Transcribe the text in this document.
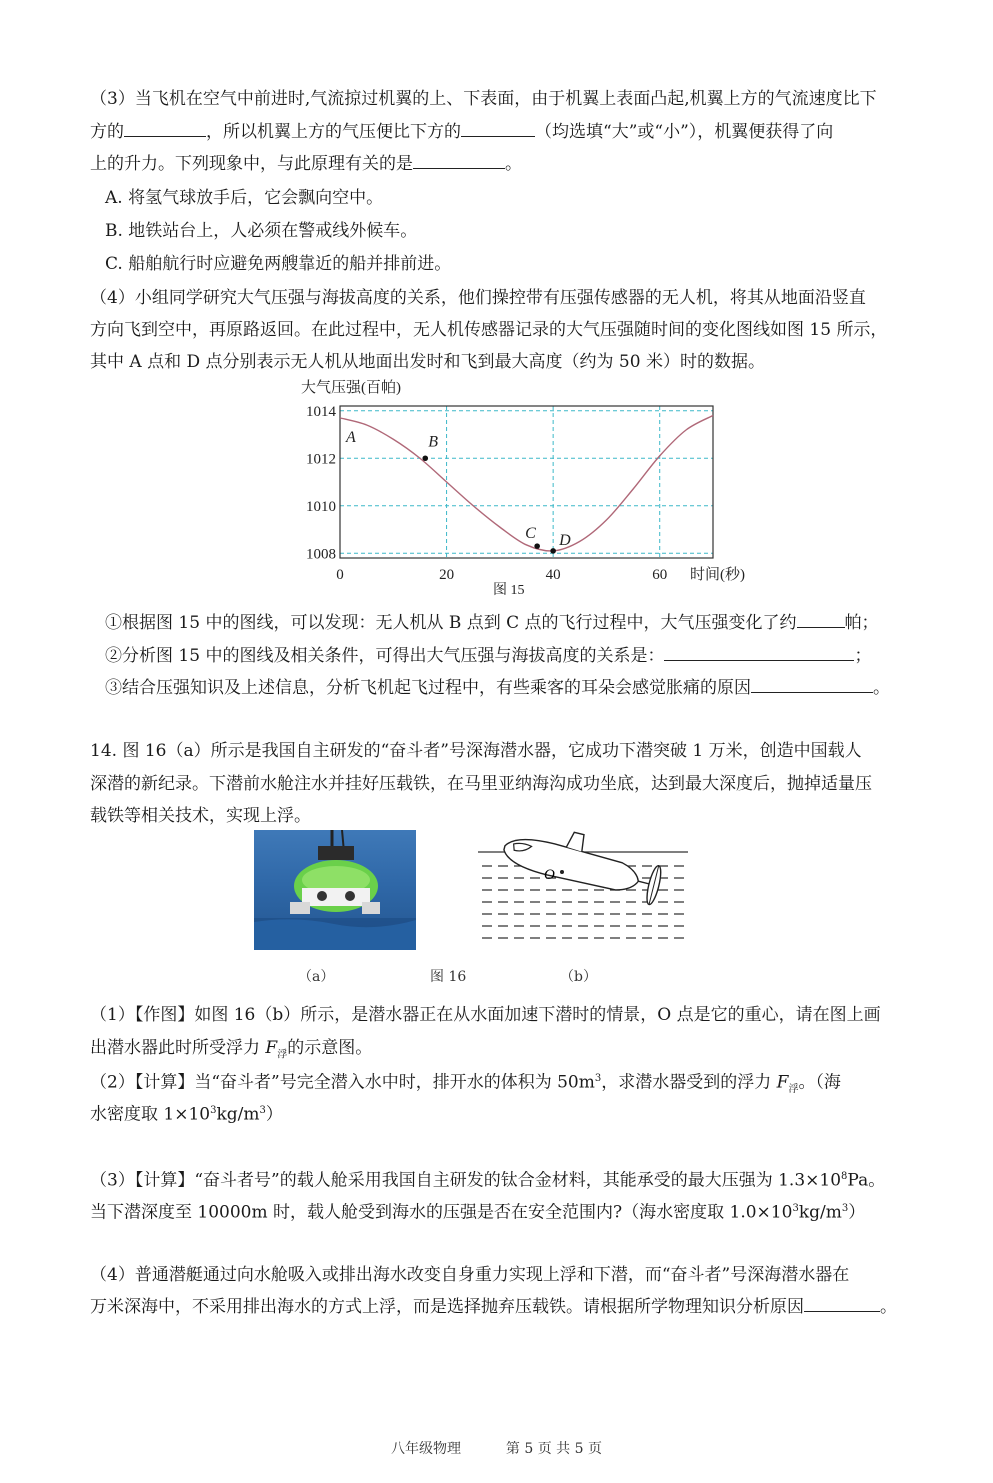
（3）当飞机在空气中前进时,气流掠过机翼的上、下表面，由于机翼上表面凸起,机翼上方的气流速度比下
方的	，所以机翼上方的气压便比下方的	（均选填“大”或“小”），机翼便获得了向
上的升力。下列现象中，与此原理有关的是	。
A. 将氢气球放手后，它会飘向空中。
B. 地铁站台上，人必须在警戒线外候车。
C. 船舶航行时应避免两艘靠近的船并排前进。
（4）小组同学研究大气压强与海拔高度的关系，他们操控带有压强传感器的无人机，将其从地面沿竖直
方向飞到空中，再原路返回。在此过程中，无人机传感器记录的大气压强随时间的变化图线如图 15 所示，
其中 A 点和 D 点分别表示无人机从地面出发时和飞到最大高度（约为 50 米）时的数据。
大气压强(百帕)
1008
1010
1012
1014
0	20	40	60
A	B
C D
时间(秒)
图 15
①根据图 15 中的图线，可以发现：无人机从 B 点到 C 点的飞行过程中，大气压强变化了约	帕；
②分析图 15 中的图线及相关条件，可得出大气压强与海拔高度的关系是：	；
③结合压强知识及上述信息，分析飞机起飞过程中，有些乘客的耳朵会感觉胀痛的原因	。
14. 图 16（a）所示是我国自主研发的“奋斗者”号深海潜水器，它成功下潜突破 1 万米，创造中国载人
深潜的新纪录。下潜前水舱注水并挂好压载铁，在马里亚纳海沟成功坐底，达到最大深度后，抛掉适量压
载铁等相关技术，实现上浮。
O
（a）	图 16	（b）
（1）【作图】如图 16（b）所示，是潜水器正在从水面加速下潜时的情景，O 点是它的重心，请在图上画
出潜水器此时所受浮力 $F_浮$的示意图。
（2）【计算】当“奋斗者”号完全潜入水中时，排开水的体积为 $50m^3$，求潜水器受到的浮力 $F_浮$。（海
水密度取 $1\times 10^3kg/m^3$）
（3）【计算】“奋斗者号”的载人舱采用我国自主研发的钛合金材料，其能承受的最大压强为 $1.3\times 10^8Pa$。
当下潜深度至 10000m 时，载人舱受到海水的压强是否在安全范围内?（海水密度取 $1.0\times 10^3kg/m^3$）
（4）普通潜艇通过向水舱吸入或排出海水改变自身重力实现上浮和下潜，而“奋斗者”号深海潜水器在
万米深海中，不采用排出海水的方式上浮，而是选择抛弃压载铁。请根据所学物理知识分析原因	。
八年级物理	第 5 页 共 5 页
